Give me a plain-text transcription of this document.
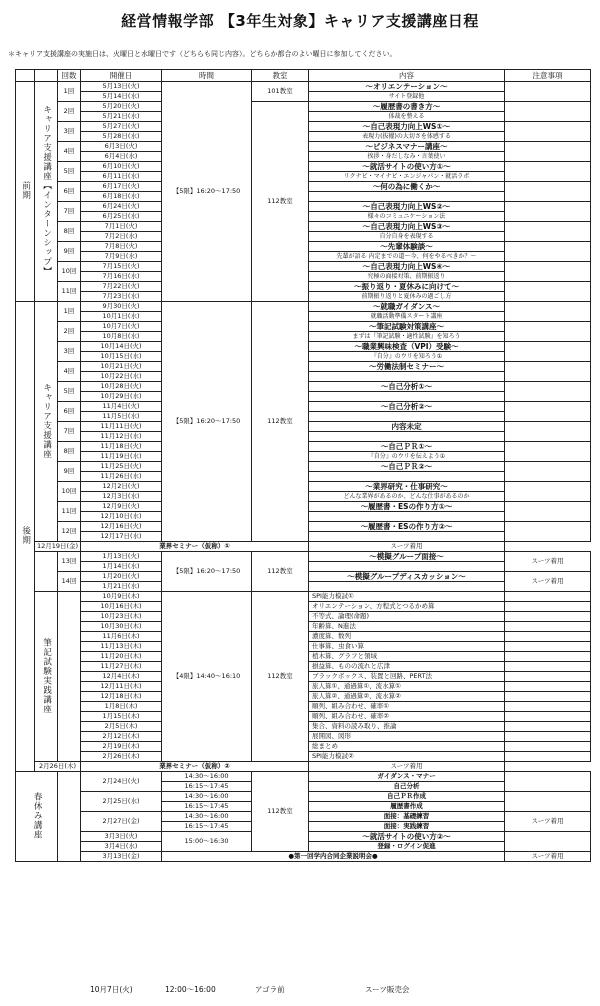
経営情報学部 【3年生対象】キャリア支援講座日程
＊キャリア支援講座の実施日は、火曜日と水曜日です（どちらも同じ内容）。どちらか都合のよい曜日に参加してください。
		回数	開催日	時間	教室	内容	注意事項
前期	キャリア支援講座【インターンシップ】	1回	5月13日(火)	【5限】16:20～17:50	101教室	～オリエンテーション～	
			5月14日(水)			サイト登録他	
		2回	5月20日(火)		112教室	～履歴書の書き方～	
			5月21日(水)			体裁を整える	
		3回	5月27日(火)			～自己表現力向上WS①～	
			5月28日(水)			表現力(抜擢)の大切さを体感する	
		4回	6月3日(火)			～ビジネスマナー講座～	
			6月4日(水)			挨拶・身だしなみ・言葉使い	
		5回	6月10日(火)			～就活サイトの使い方①～	
			6月11日(水)			リクナビ・マイナビ・エンジャパン・就活ラボ	
		6回	6月17日(火)			～何の為に働くか～	
			6月18日(水)				
		7回	6月24日(火)			～自己表現力向上WS②～	
			6月25日(水)			様々のコミュニケーション法	
		8回	7月1日(火)			～自己表現力向上WS③～	
			7月2日(水)			自分自身を表現する	
		9回	7月8日(火)			～先輩体験談～	
			7月9日(水)			先輩が語る 内定までの道～今、何をやるべきか？～	
		10回	7月15日(火)			～自己表現力向上WS④～	
			7月16日(水)			究極の面接対策、前期振返り	
		11回	7月22日(火)			～振り返り・夏休みに向けて～	
			7月23日(水)			前期振り返りと夏休みの過ごし方	
後期	キャリア支援講座	1回	9月30日(火)	【5限】16:20～17:50	112教室	～就職ガイダンス～	
			10月1日(水)			就職活動準備スタート講座	
		2回	10月7日(火)			～筆記試験対策講座～	
			10月8日(水)			まずは『筆記試験・適性試験』を知ろう	
		3回	10月14日(火)			～職業興味検査（VPI）受験～	
			10月15日(水)			『自分』のウリを知ろう①	
		4回	10月21日(火)			～労働法制セミナー～	
			10月22日(水)				
		5回	10月28日(火)			～自己分析①～	
			10月29日(水)				
		6回	11月4日(火)			～自己分析②～	
			11月5日(水)				
		7回	11月11日(火)			内容未定	
			11月12日(水)				
		8回	11月18日(火)			～自己ＰＲ①～	
			11月19日(水)			『自分』のウリを伝えよう①	
		9回	11月25日(火)			～自己ＰＲ②～	
			11月26日(水)				
		10回	12月2日(火)			～業界研究・仕事研究～	
			12月3日(水)			どんな業界があるのか、どんな仕事があるのか	
		11回	12月9日(火)			～履歴書・ESの作り方①～	
			12月10日(水)				
		12回	12月16日(火)			～履歴書・ESの作り方②～	
			12月17日(水)				
	12月19日(金)		業界セミナー（仮称）①			スーツ着用	
		13回	1月13日(火)	【5限】16:20～17:50	112教室	～模擬グループ面接～	スーツ着用
			1月14日(水)				
		14回	1月20日(火)			～模擬グループディスカッション～	スーツ着用
			1月21日(水)				
	筆記試験実践講座		10月9日(木)	【4限】14:40～16:10	112教室	SPI能力模試①	
			10月16日(木)			オリエンテーション、方程式とつるかめ算	
			10月23日(木)			不等式、論理(命題)	
			10月30日(木)			年齢算、N進法	
			11月6日(木)			濃度算、数列	
			11月13日(木)			仕事算、虫食い算	
			11月20日(木)			植木算、グラフと領域	
			11月27日(木)			損益算、ものの流れと広津	
			12月4日(木)			ブラックボックス、装置と回路、PERT法	
			12月11日(木)			旅人算①、通過算①、流水算①	
			12月18日(木)			旅人算②、通過算②、流水算②	
			1月8日(木)			順列、組み合わせ、確率①	
			1月15日(木)			順列、組み合わせ、確率②	
			2月5日(木)			集合、資料の読み取り、推論	
			2月12日(木)			展開図、図形	
			2月19日(木)			総まとめ	
			2月26日(木)			SPI能力模試②	
	2月26日(木)		業界セミナー（仮称）②			スーツ着用	
春休み講座			2月24日(火)	14:30～16:00	112教室	ガイダンス・マナー	
				16:15～17:45		自己分析	
			2月25日(水)	14:30～16:00		自己ＰＲ作成	
				16:15～17:45		履歴書作成	
			2月27日(金)	14:30～16:00		面接：基礎練習	スーツ着用
				16:15～17:45		面接：実践練習	
			3月3日(火)	15:00～16:30		～就活サイトの使い方②～	
			3月4日(水)			登録・ログイン促進	
			3月13日(金)	●第一回学内合同企業説明会●			スーツ着用
10月7日(火)	12:00～16:00	アゴラ前	スーツ販売会
